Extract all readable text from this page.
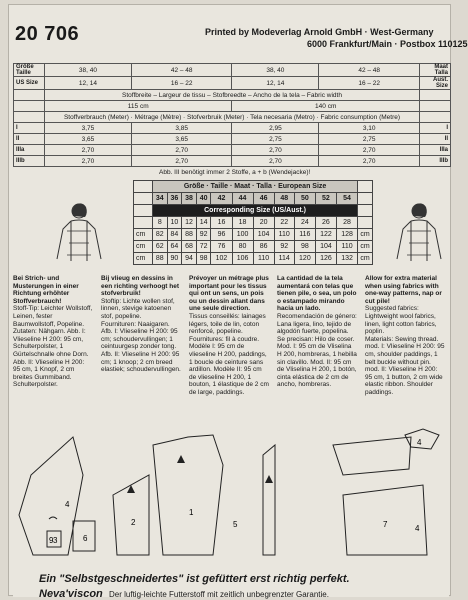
20 706	Printed by Modeverlag Arnold GmbH · West-Germany
6000 Frankfurt/Main · Postbox 110125
Größe Taille	38, 40	42 – 48	38, 40	42 – 48	Maat Talla
US Size	12, 14	16 – 22	12, 14	16 – 22	Aust. Size
	Stoffbreite – Largeur de tissu – Stofbreedte – Ancho de la tela – Fabric width				
	115 cm		140 cm		
	Stoffverbrauch (Meter) · Métrage (Mètre) · Stofverbruik (Meter) · Tela necesaria (Metro) · Fabric consumption (Metre)				
I	3,75	3,85	2,95	3,10	I
II	3,65	3,65	2,75	2,75	II
IIIa	2,70	2,70	2,70	2,70	IIIa
IIIb	2,70	2,70	2,70	2,70	IIIb
Abb. III benötigt immer 2 Stoffe, a + b (Wendejacke)!
	Größe · Taille · Maat · Talla · European Size											
	34	36	38	40	42	44	46	48	50	52	54	
	Corresponding Size (US/Aust.)											
	8	10	12	14	16	18	20	22	24	26	28	
cm	82	84	88	92	96	100	104	110	116	122	128	cm
cm	62	64	68	72	76	80	86	92	98	104	110	cm
cm	88	90	94	98	102	106	110	114	120	126	132	cm

Bei Strich- und Musterungen in einer Richtung erhöhter Stoffverbrauch!

Stoff-Tip: Leichter Wollstoff, Leinen, fester Baumwollstoff, Popeline.

Zutaten: Nähgarn. Abb. I: Vlieseline H 200: 95 cm, Schulterpolster, 1 Gürtelschnalle ohne Dorn. Abb. II: Vlieseline H 200: 95 cm, 1 Knopf, 2 cm breites Gummiband. Schulterpolster.

Bij vlieug en dessins in een richting verhoogt het stofverbruik!

Stoftip: Lichte wollen stof, linnen, stevige katoenen stof, popeline.

Fournituren: Naaigaren. Afb. I: Vlieseline H 200: 95 cm; schoudervullingen; 1 ceintuurgesp zonder tong. Afb. II: Vlieseline H 200: 95 cm; 1 knoop; 2 cm breed elastiek; schoudervullingen.

Prévoyer un métrage plus important pour les tissus qui ont un sens, un pois ou un dessin allant dans une seule direction.

Tissus conseillés: lainages légers, toile de lin, coton renforcé, popeline.

Fournitures: fil à coudre. Modèle I: 95 cm de vlieseline H 200, paddings, 1 boucle de ceinture sans ardillon. Modèle II: 95 cm de vlieseline H 200, 1 bouton, 1 élastique de 2 cm de large, paddings.

La cantidad de la tela aumentará con telas que tienen pile, o sea, un polo o estampado mirando hacia un lado.

Recomendación de género: Lana ligera, lino, tejido de algodón fuerte, popelina.

Se precisan: Hilo de coser. Mod. I: 95 cm de Vliselina H 200, hombreras, 1 hebilla sin clavillo. Mod. II: 95 cm de Vliselina H 200, 1 botón, cinta elástica de 2 cm de ancho, hombreras.

Allow for extra material when using fabrics with one-way patterns, nap or cut pile!

Suggested fabrics: Lightweight wool fabrics, linen, light cotton fabrics, poplin.

Materials: Sewing thread. mod. I: Vlieseline H 200: 95 cm, shoulder paddings, 1 belt buckle without pin. mod. II: Vlieseline H 200: 95 cm, 1 button, 2 cm wide elastic ribbon. Shoulder paddings.

3
4
9	6
2	5
1
7
4
4
Ein "Selbstgeschneidertes" ist gefüttert erst richtig perfekt.
Neva'viscon Der luftig-leichte Futterstoff mit zeitlich unbegrenzter Garantie.
